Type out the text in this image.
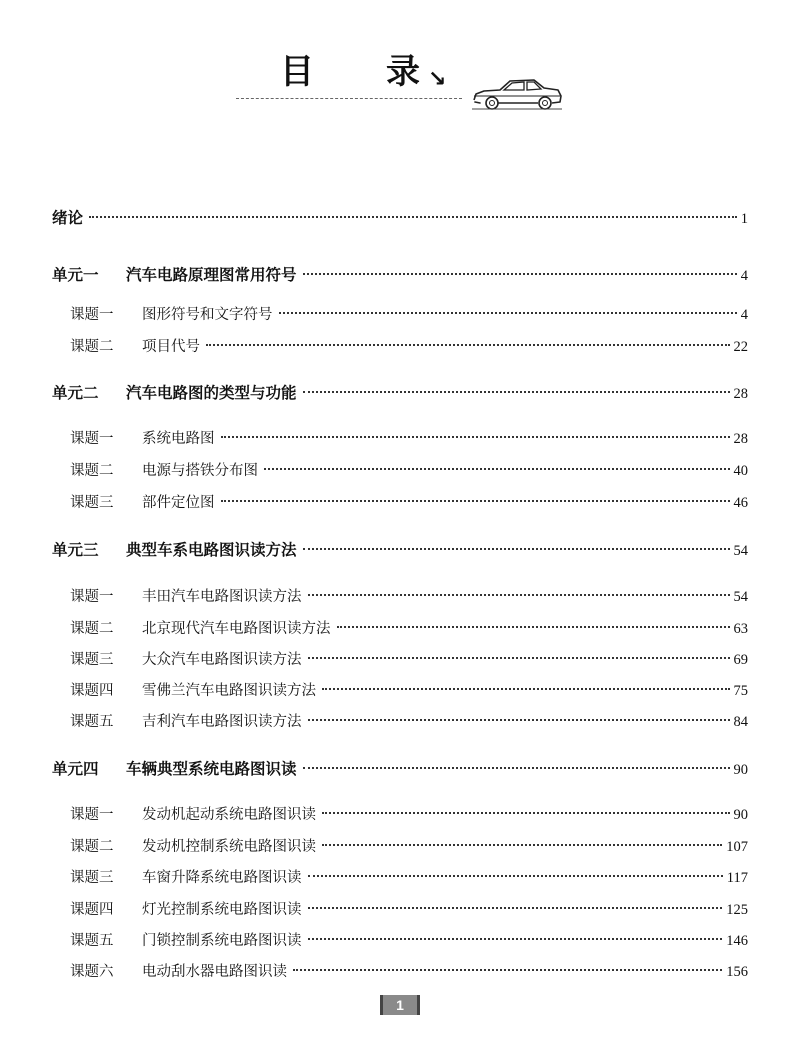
目 录 ↘
绪论	1
单元一 汽车电路原理图常用符号	4
课题一 图形符号和文字符号	4
课题二 项目代号	22
单元二 汽车电路图的类型与功能	28
课题一 系统电路图	28
课题二 电源与搭铁分布图	40
课题三 部件定位图	46
单元三 典型车系电路图识读方法	54
课题一 丰田汽车电路图识读方法	54
课题二 北京现代汽车电路图识读方法	63
课题三 大众汽车电路图识读方法	69
课题四 雪佛兰汽车电路图识读方法	75
课题五 吉利汽车电路图识读方法	84
单元四 车辆典型系统电路图识读	90
课题一 发动机起动系统电路图识读	90
课题二 发动机控制系统电路图识读	107
课题三 车窗升降系统电路图识读	117
课题四 灯光控制系统电路图识读	125
课题五 门锁控制系统电路图识读	146
课题六 电动刮水器电路图识读	156
1
